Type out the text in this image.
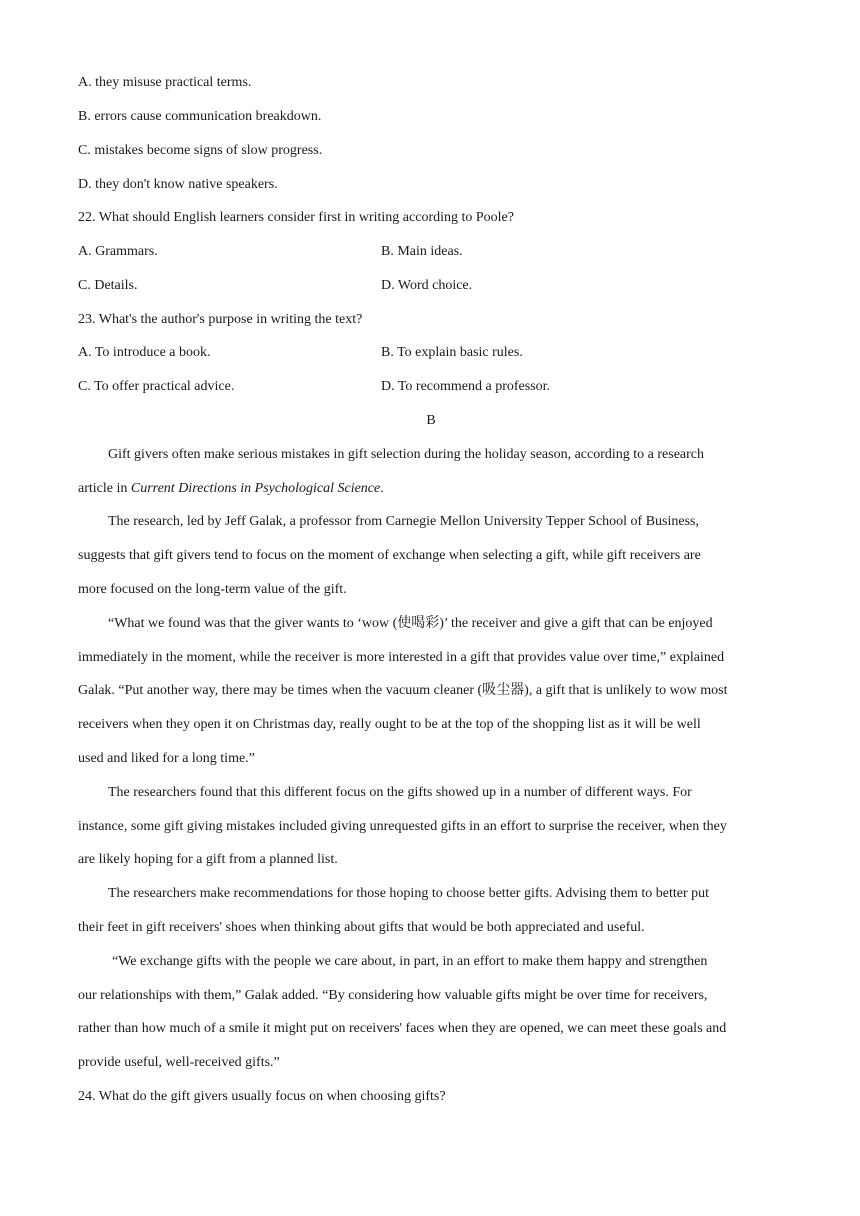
A. they misuse practical terms.
B. errors cause communication breakdown.
C. mistakes become signs of slow progress.
D. they don't know native speakers.
22. What should English learners consider first in writing according to Poole?
A. Grammars.	B. Main ideas.
C. Details.	D. Word choice.
23. What's the author's purpose in writing the text?
A. To introduce a book.	B. To explain basic rules.
C. To offer practical advice.	D. To recommend a professor.
B
Gift givers often make serious mistakes in gift selection during the holiday season, according to a research
article in Current Directions in Psychological Science.
The research, led by Jeff Galak, a professor from Carnegie Mellon University Tepper School of Business,
suggests that gift givers tend to focus on the moment of exchange when selecting a gift, while gift receivers are
more focused on the long-term value of the gift.
“What we found was that the giver wants to ‘wow (使喝彩)’ the receiver and give a gift that can be enjoyed
immediately in the moment, while the receiver is more interested in a gift that provides value over time,” explained
Galak. “Put another way, there may be times when the vacuum cleaner (吸尘器), a gift that is unlikely to wow most
receivers when they open it on Christmas day, really ought to be at the top of the shopping list as it will be well
used and liked for a long time.”
The researchers found that this different focus on the gifts showed up in a number of different ways. For
instance, some gift giving mistakes included giving unrequested gifts in an effort to surprise the receiver, when they
are likely hoping for a gift from a planned list.
The researchers make recommendations for those hoping to choose better gifts. Advising them to better put
their feet in gift receivers' shoes when thinking about gifts that would be both appreciated and useful.
“We exchange gifts with the people we care about, in part, in an effort to make them happy and strengthen
our relationships with them,” Galak added. “By considering how valuable gifts might be over time for receivers,
rather than how much of a smile it might put on receivers' faces when they are opened, we can meet these goals and
provide useful, well-received gifts.”
24. What do the gift givers usually focus on when choosing gifts?
